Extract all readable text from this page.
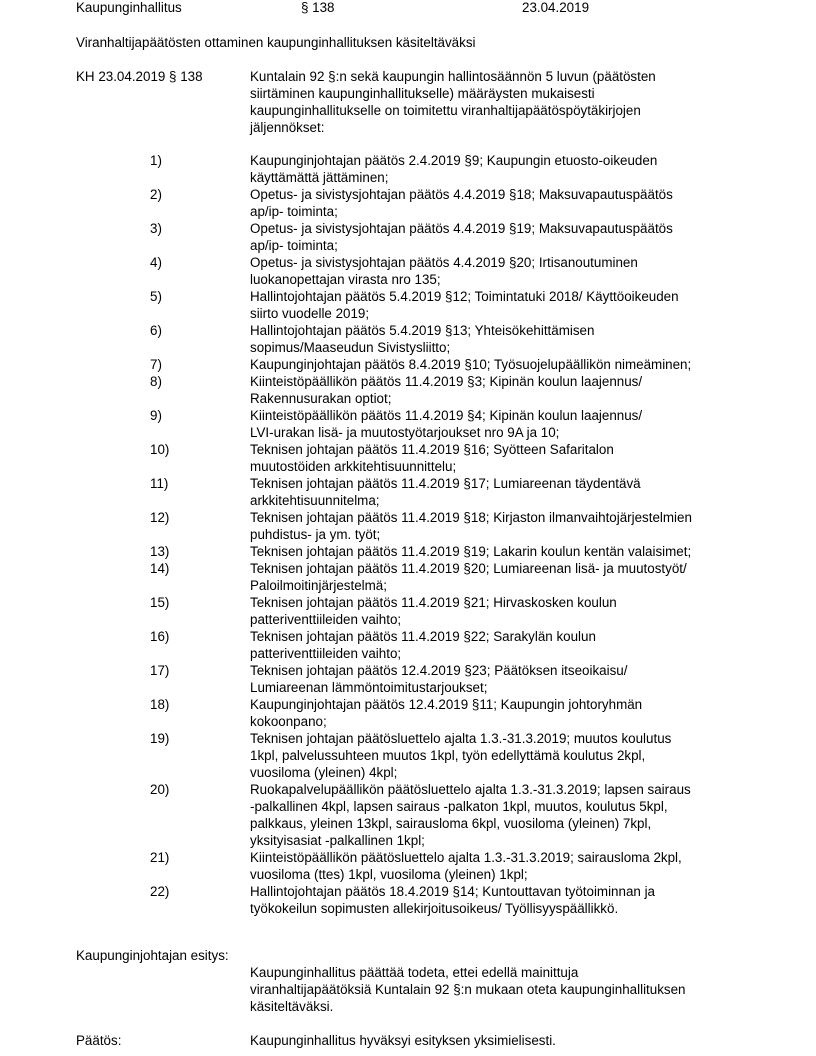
Kaupunginhallitus	§ 138	23.04.2019
Viranhaltijapäätösten ottaminen kaupunginhallituksen käsiteltäväksi
KH 23.04.2019 § 138	Kuntalain 92 §:n sekä kaupungin hallintosäännön 5 luvun (päätösten
siirtäminen kaupunginhallitukselle) määräysten mukaisesti
kaupunginhallitukselle on toimitettu viranhaltijapäätöspöytäkirjojen
jäljennökset:
1)	Kaupunginjohtajan päätös 2.4.2019 §9; Kaupungin etuosto-oikeuden
käyttämättä jättäminen;
2)	Opetus- ja sivistysjohtajan päätös 4.4.2019 §18; Maksuvapautuspäätös
ap/ip- toiminta;
3)	Opetus- ja sivistysjohtajan päätös 4.4.2019 §19; Maksuvapautuspäätös
ap/ip- toiminta;
4)	Opetus- ja sivistysjohtajan päätös 4.4.2019 §20; Irtisanoutuminen
luokanopettajan virasta nro 135;
5)	Hallintojohtajan päätös 5.4.2019 §12; Toimintatuki 2018/ Käyttöoikeuden
siirto vuodelle 2019;
6)	Hallintojohtajan päätös 5.4.2019 §13; Yhteisökehittämisen
sopimus/Maaseudun Sivistysliitto;
7)	Kaupunginjohtajan päätös 8.4.2019 §10; Työsuojelupäällikön nimeäminen;
8)	Kiinteistöpäällikön päätös 11.4.2019 §3; Kipinän koulun laajennus/
Rakennusurakan optiot;
9)	Kiinteistöpäällikön päätös 11.4.2019 §4; Kipinän koulun laajennus/
LVI-urakan lisä- ja muutostyötarjoukset nro 9A ja 10;
10)	Teknisen johtajan päätös 11.4.2019 §16; Syötteen Safaritalon
muutostöiden arkkitehtisuunnittelu;
11)	Teknisen johtajan päätös 11.4.2019 §17; Lumiareenan täydentävä
arkkitehtisuunnitelma;
12)	Teknisen johtajan päätös 11.4.2019 §18; Kirjaston ilmanvaihtojärjestelmien
puhdistus- ja ym. työt;
13)	Teknisen johtajan päätös 11.4.2019 §19; Lakarin koulun kentän valaisimet;
14)	Teknisen johtajan päätös 11.4.2019 §20; Lumiareenan lisä- ja muutostyöt/
Paloilmoitinjärjestelmä;
15)	Teknisen johtajan päätös 11.4.2019 §21; Hirvaskosken koulun
patteriventtiileiden vaihto;
16)	Teknisen johtajan päätös 11.4.2019 §22; Sarakylän koulun
patteriventtiileiden vaihto;
17)	Teknisen johtajan päätös 12.4.2019 §23; Päätöksen itseoikaisu/
Lumiareenan lämmöntoimitustarjoukset;
18)	Kaupunginjohtajan päätös 12.4.2019 §11; Kaupungin johtoryhmän
kokoonpano;
19)	Teknisen johtajan päätösluettelo ajalta 1.3.-31.3.2019; muutos koulutus
1kpl, palvelussuhteen muutos 1kpl, työn edellyttämä koulutus 2kpl,
vuosiloma (yleinen) 4kpl;
20)	Ruokapalvelupäällikön päätösluettelo ajalta 1.3.-31.3.2019; lapsen sairaus
-palkallinen 4kpl, lapsen sairaus -palkaton 1kpl, muutos, koulutus 5kpl,
palkkaus, yleinen 13kpl, sairausloma 6kpl, vuosiloma (yleinen) 7kpl,
yksityisasiat -palkallinen 1kpl;
21)	Kiinteistöpäällikön päätösluettelo ajalta 1.3.-31.3.2019; sairausloma 2kpl,
vuosiloma (ttes) 1kpl, vuosiloma (yleinen) 1kpl;
22)	Hallintojohtajan päätös 18.4.2019 §14; Kuntouttavan työtoiminnan ja
työkokeilun sopimusten allekirjoitusoikeus/ Työllisyyspäällikkö.
Kaupunginjohtajan esitys:
Kaupunginhallitus päättää todeta, ettei edellä mainittuja
viranhaltijapäätöksiä Kuntalain 92 §:n mukaan oteta kaupunginhallituksen
käsiteltäväksi.
Päätös:	Kaupunginhallitus hyväksyi esityksen yksimielisesti.
